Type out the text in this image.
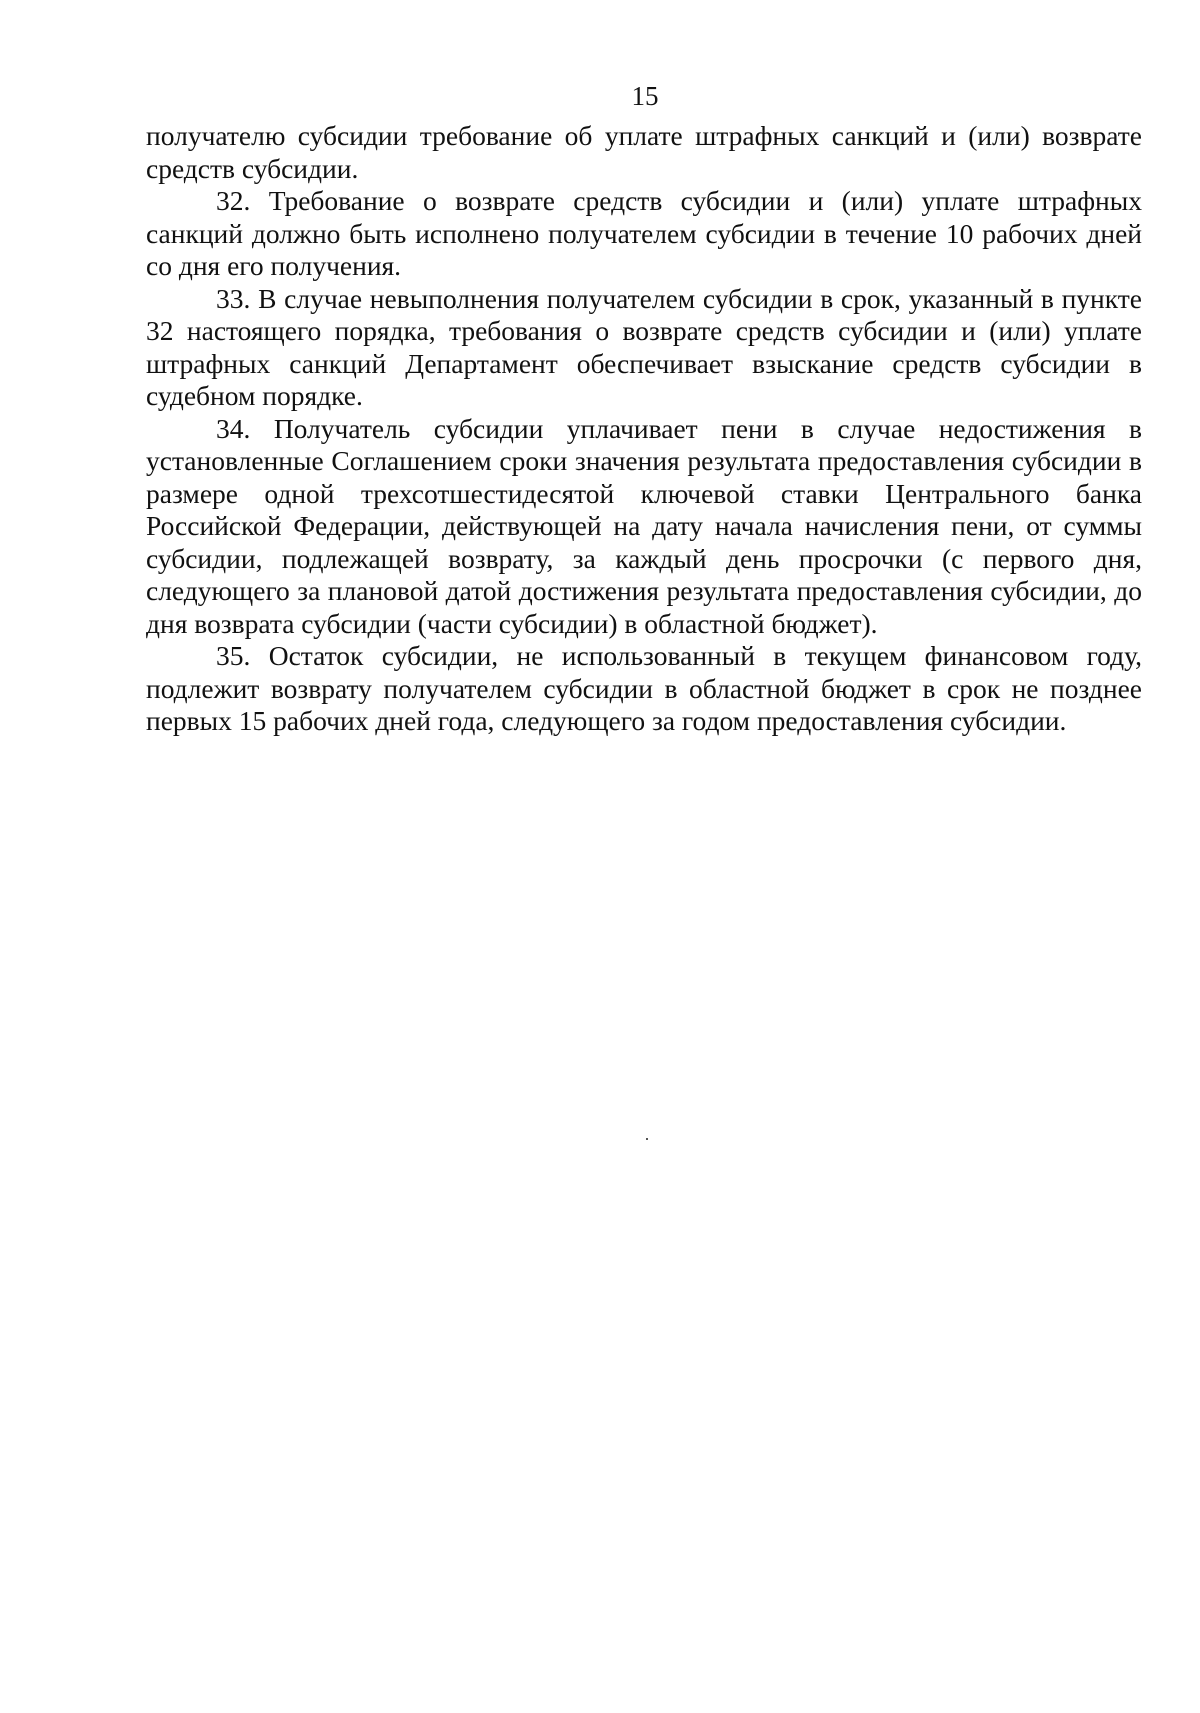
15

получателю субсидии требование об уплате штрафных санкций и (или) возврате средств субсидии.

32. Требование о возврате средств субсидии и (или) уплате штрафных санкций должно быть исполнено получателем субсидии в течение 10 рабочих дней со дня его получения.

33. В случае невыполнения получателем субсидии в срок, указанный в пункте 32 настоящего порядка, требования о возврате средств субсидии и (или) уплате штрафных санкций Департамент обеспечивает взыскание средств субсидии в судебном порядке.

34. Получатель субсидии уплачивает пени в случае недостижения в установленные Соглашением сроки значения результата предоставления субсидии в размере одной трехсотшестидесятой ключевой ставки Центрального банка Российской Федерации, действующей на дату начала начисления пени, от суммы субсидии, подлежащей возврату, за каждый день просрочки (с первого дня, следующего за плановой датой достижения результата предоставления субсидии, до дня возврата субсидии (части субсидии) в областной бюджет).

35. Остаток субсидии, не использованный в текущем финансовом году, подлежит возврату получателем субсидии в областной бюджет в срок не позднее первых 15 рабочих дней года, следующего за годом предоставления субсидии.
